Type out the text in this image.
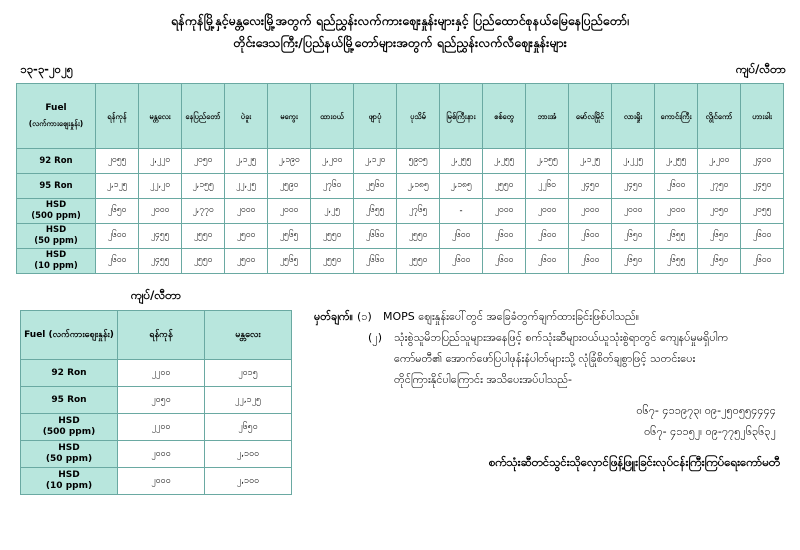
ရန်ကုန်မြို့နှင့်မန္တလေးမြို့အတွက် ရည်ညွှန်းလက်ကားဈေးနှုန်းများနှင့် ပြည်ထောင်စုနယ်မြေနေပြည်တော်၊
တိုင်းဒေသကြီး/ပြည်နယ်မြို့တော်များအတွက် ရည်ညွှန်းလက်လီဈေးနှုန်းများ
၁၃-၃-၂၀၂၅	ကျပ်/လီတာ
Fuel
(လက်ကားဈေးနှုန်း)	ရန်ကုန်	မန္တလေး	နေပြည်တော်	ပဲခူး	မကွေး	ထားဝယ်	ဖျာပုံ	ပုသိမ်	မြစ်ကြီးနား	စစ်တွေ	ဘားအံ	မော်လမြိုင်	လားရှိုး	ကောင်းကြီး	လွိုင်ကော်	ဟားခါး
92 Ron	၂၀၅၅	၂,၂၂၀	၂၀၅၀	၂,၁၂၅	၂,၁၉၀	၂,၂၀၀	၂,၁၂၀	၅၉၀၅	၂,၂၅၅	၂,၂၅၅	၂,၁၅၅	၂,၁၂၅	၂,၂၂၅	၂,၂၅၅	၂,၂၀၀	၂၄၀၀
95 Ron	၂,၁၂၅	၂၂,၂၀	၂,၁၅၅	၂၂,၂၅	၂၅၉၀	၂၇၆၀	၂၅၆၀	၂,၁၈၅	၂,၁၈၅	၂၅၅၀	၂၂၆၀	၂၄၅၀	၂၄၅၀	၂၆၀၀	၂၇၅၀	၂၄၅၀
HSD
(500 ppm)	၂၆၅၀	၂၀၀၀	၂,၇၇၀	၂၀၀၀	၂၀၀၀	၂,၂၅	၂၆၅၅	၂၇၆၅	-	၂၀၀၀	၂၀၀၀	၂၀၀၀	၂၀၀၀	၂၀၀၀	၂၀၅၀	၂၀၅၅
HSD
(50 ppm)	၂၆၀၀	၂၄၅၅	၂၅၅၀	၂၅၀၀	၂၅၆၅	၂၅၅၀	၂၆၆၀	၂၅၅၀	၂၆၀၀	၂၆၀၀	၂၆၀၀	၂၆၀၀	၂၆၅၀	၂၆၅၅	၂၆၅၀	၂၆၀၀
HSD
(10 ppm)	၂၆၀၀	၂၄၅၅	၂၅၅၀	၂၅၀၀	၂၅၆၅	၂၅၅၀	၂၆၆၀	၂၅၅၀	၂၆၀၀	၂၆၀၀	၂၆၀၀	၂၆၀၀	၂၆၅၀	၂၆၅၅	၂၆၅၀	၂၆၀၀
ကျပ်/လီတာ
Fuel (လက်ကားဈေးနှုန်း)	ရန်ကုန်	မန္တလေး
92 Ron	၂၂၀၀	၂၀၁၅
95 Ron	၂၀၅၀	၂၂,၁၂၅
HSD
(500 ppm)	၂၂၀၀	၂၆၅၀
HSD
(50 ppm)	၂၀၀၀	၂,၁၀၀
HSD
(10 ppm)	၂၀၀၀	၂,၁၀၀
မှတ်ချက်။ (၁)	MOPS ဈေးနှုန်းပေါ်တွင် အခြေခံတွက်ချက်ထားခြင်းဖြစ်ပါသည်။
(၂)	သုံးစွဲသူမိဘပြည်သူများအနေဖြင့် စက်သုံးဆီများဝယ်ယူသုံးစွဲရာတွင် ကျေနပ်မှုမရှိပါက
ကော်မတီ၏ အောက်ဖော်ပြပါဖုန်းနံပါတ်များသို့ လုံခြုံစိတ်ချစွာဖြင့် သတင်းပေး
တိုင်ကြားနိုင်ပါကြောင်း အသိပေးအပ်ပါသည်-
၀၆၇- ၄၁၁၉၇၃၊ ၀၉-၂၅၀၅၅၄၄၄၄
၀၆၇- ၄၁၁၅၂၊ ၀၉-၇၇၅၂၆၃၆၃၂
စက်သုံးဆီတင်သွင်းသိုလှောင်ဖြန့်ဖြူးခြင်းလုပ်ငန်းကြီးကြပ်ရေးကော်မတီ
